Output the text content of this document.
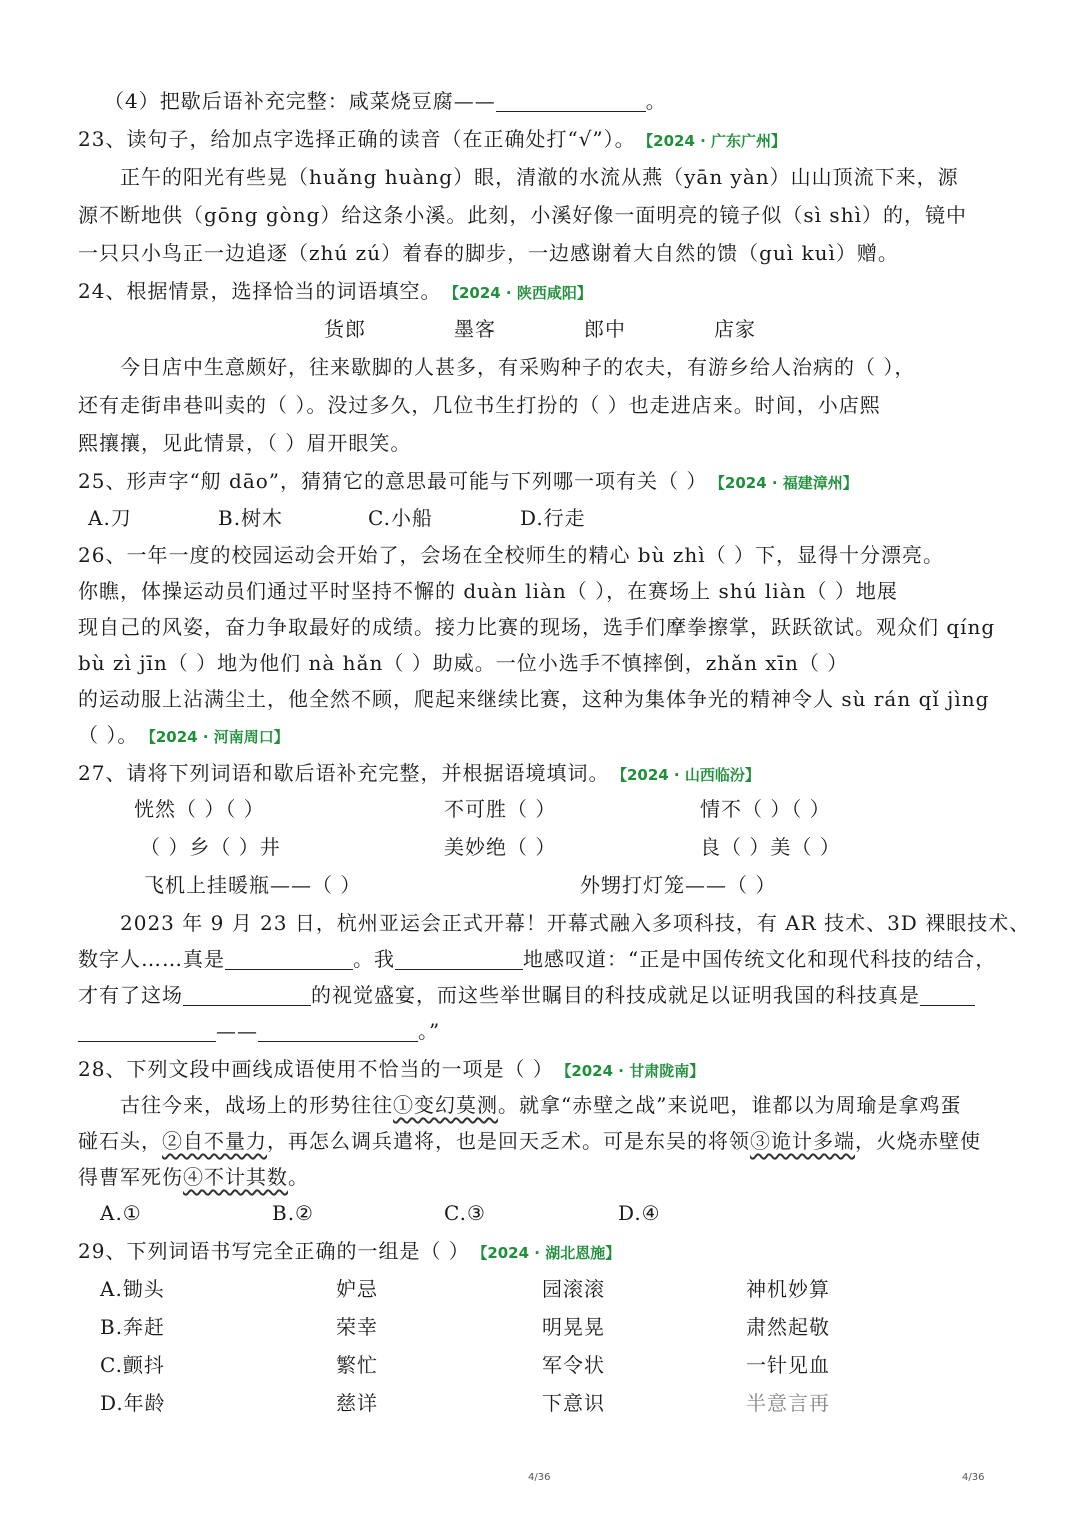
（4）把歇后语补充完整：咸菜烧豆腐——	。
23、读句子，给加点字选择正确的读音（在正确处打“√”）。 【2024 · 广东广州】
正午的阳光有些晃（huǎng huàng）眼，清澈的水流从燕（yān yàn）山山顶流下来，源
源不断地供（gōng gòng）给这条小溪。此刻，小溪好像一面明亮的镜子似（sì shì）的，镜中
一只只小鸟正一边追逐（zhú zú）着春的脚步，一边感谢着大自然的馈（guì kuì）赠。
24、根据情景，选择恰当的词语填空。 【2024 · 陕西咸阳】
货郎	墨客	郎中	店家
今日店中生意颇好，往来歇脚的人甚多，有采购种子的农夫，有游乡给人治病的（ ），
还有走街串巷叫卖的（ ）。没过多久，几位书生打扮的（ ）也走进店来。时间，小店熙
熙攘攘，见此情景，（ ）眉开眼笑。
25、形声字“舠 dāo”，猜猜它的意思最可能与下列哪一项有关（ ） 【2024 · 福建漳州】
A.刀	B.树木	C.小船	D.行走
26、一年一度的校园运动会开始了，会场在全校师生的精心 bù zhì（ ）下，显得十分漂亮。
你瞧，体操运动员们通过平时坚持不懈的 duàn liàn（ ），在赛场上 shú liàn（ ）地展
现自己的风姿，奋力争取最好的成绩。接力比赛的现场，选手们摩拳擦掌，跃跃欲试。观众们 qíng
bù zì jīn（ ）地为他们 nà hǎn（ ）助威。一位小选手不慎摔倒，zhǎn xīn（ ）
的运动服上沾满尘土，他全然不顾，爬起来继续比赛，这种为集体争光的精神令人 sù rán qǐ jìng
（ ）。 【2024 · 河南周口】
27、请将下列词语和歇后语补充完整，并根据语境填词。 【2024 · 山西临汾】
恍然（ ）（ ）	不可胜（ ）	情不（ ）（ ）
（ ）乡（ ）井	美妙绝（ ）	良（ ）美（ ）
飞机上挂暖瓶——（ ）	外甥打灯笼——（ ）
2023 年 9 月 23 日，杭州亚运会正式开幕！开幕式融入多项科技，有 AR 技术、3D 裸眼技术、
数字人……真是	。我	地感叹道：“正是中国传统文化和现代科技的结合，
才有了这场	的视觉盛宴，而这些举世瞩目的科技成就足以证明我国的科技真是
——	。”
28、下列文段中画线成语使用不恰当的一项是（ ） 【2024 · 甘肃陇南】
古往今来，战场上的形势往往①变幻莫测。就拿“赤壁之战”来说吧，谁都以为周瑜是拿鸡蛋
碰石头，②自不量力，再怎么调兵遣将，也是回天乏术。可是东吴的将领③诡计多端，火烧赤壁使
得曹军死伤④不计其数。
A.①	B.②	C.③	D.④
29、下列词语书写完全正确的一组是（ ） 【2024 · 湖北恩施】
A.锄头	妒忌	园滚滚	神机妙算
B.奔赶	荣幸	明晃晃	肃然起敬
C.颤抖	繁忙	军令状	一针见血
D.年龄	慈详	下意识	半意言再
4/36	4/36
